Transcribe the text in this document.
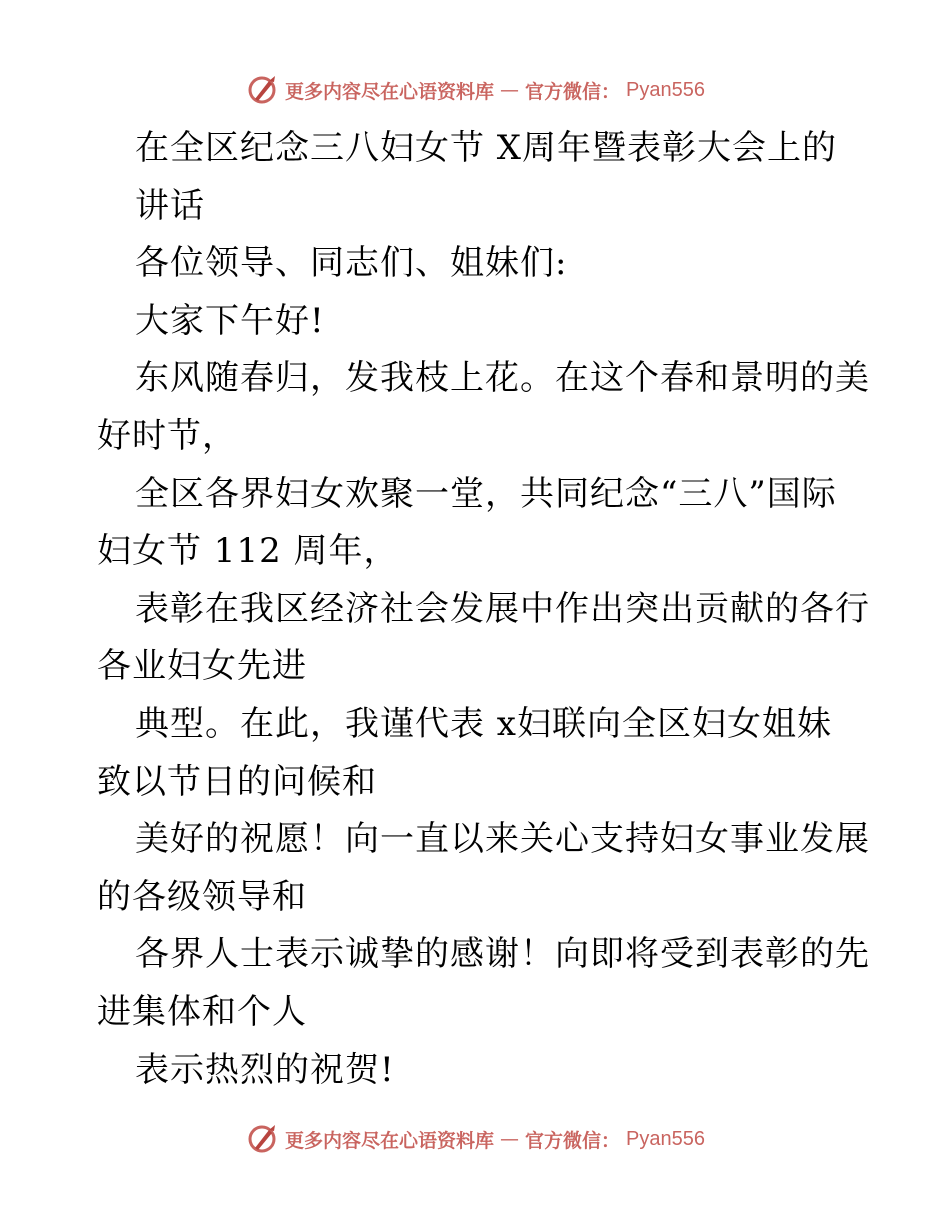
更多内容尽在心语资料库 — 官方微信： Pyan556
在全区纪念三八妇女节 X周年暨表彰大会上的
讲话
各位领导、同志们、姐妹们:
大家下午好!
东风随春归，发我枝上花。在这个春和景明的美
好时节，
全区各界妇女欢聚一堂，共同纪念“三八”国际
妇女节 112 周年，
表彰在我区经济社会发展中作出突出贡献的各行
各业妇女先进
典型。在此，我谨代表 x妇联向全区妇女姐妹
致以节日的问候和
美好的祝愿！向一直以来关心支持妇女事业发展
的各级领导和
各界人士表示诚挚的感谢！向即将受到表彰的先
进集体和个人
表示热烈的祝贺!
更多内容尽在心语资料库 — 官方微信： Pyan556
